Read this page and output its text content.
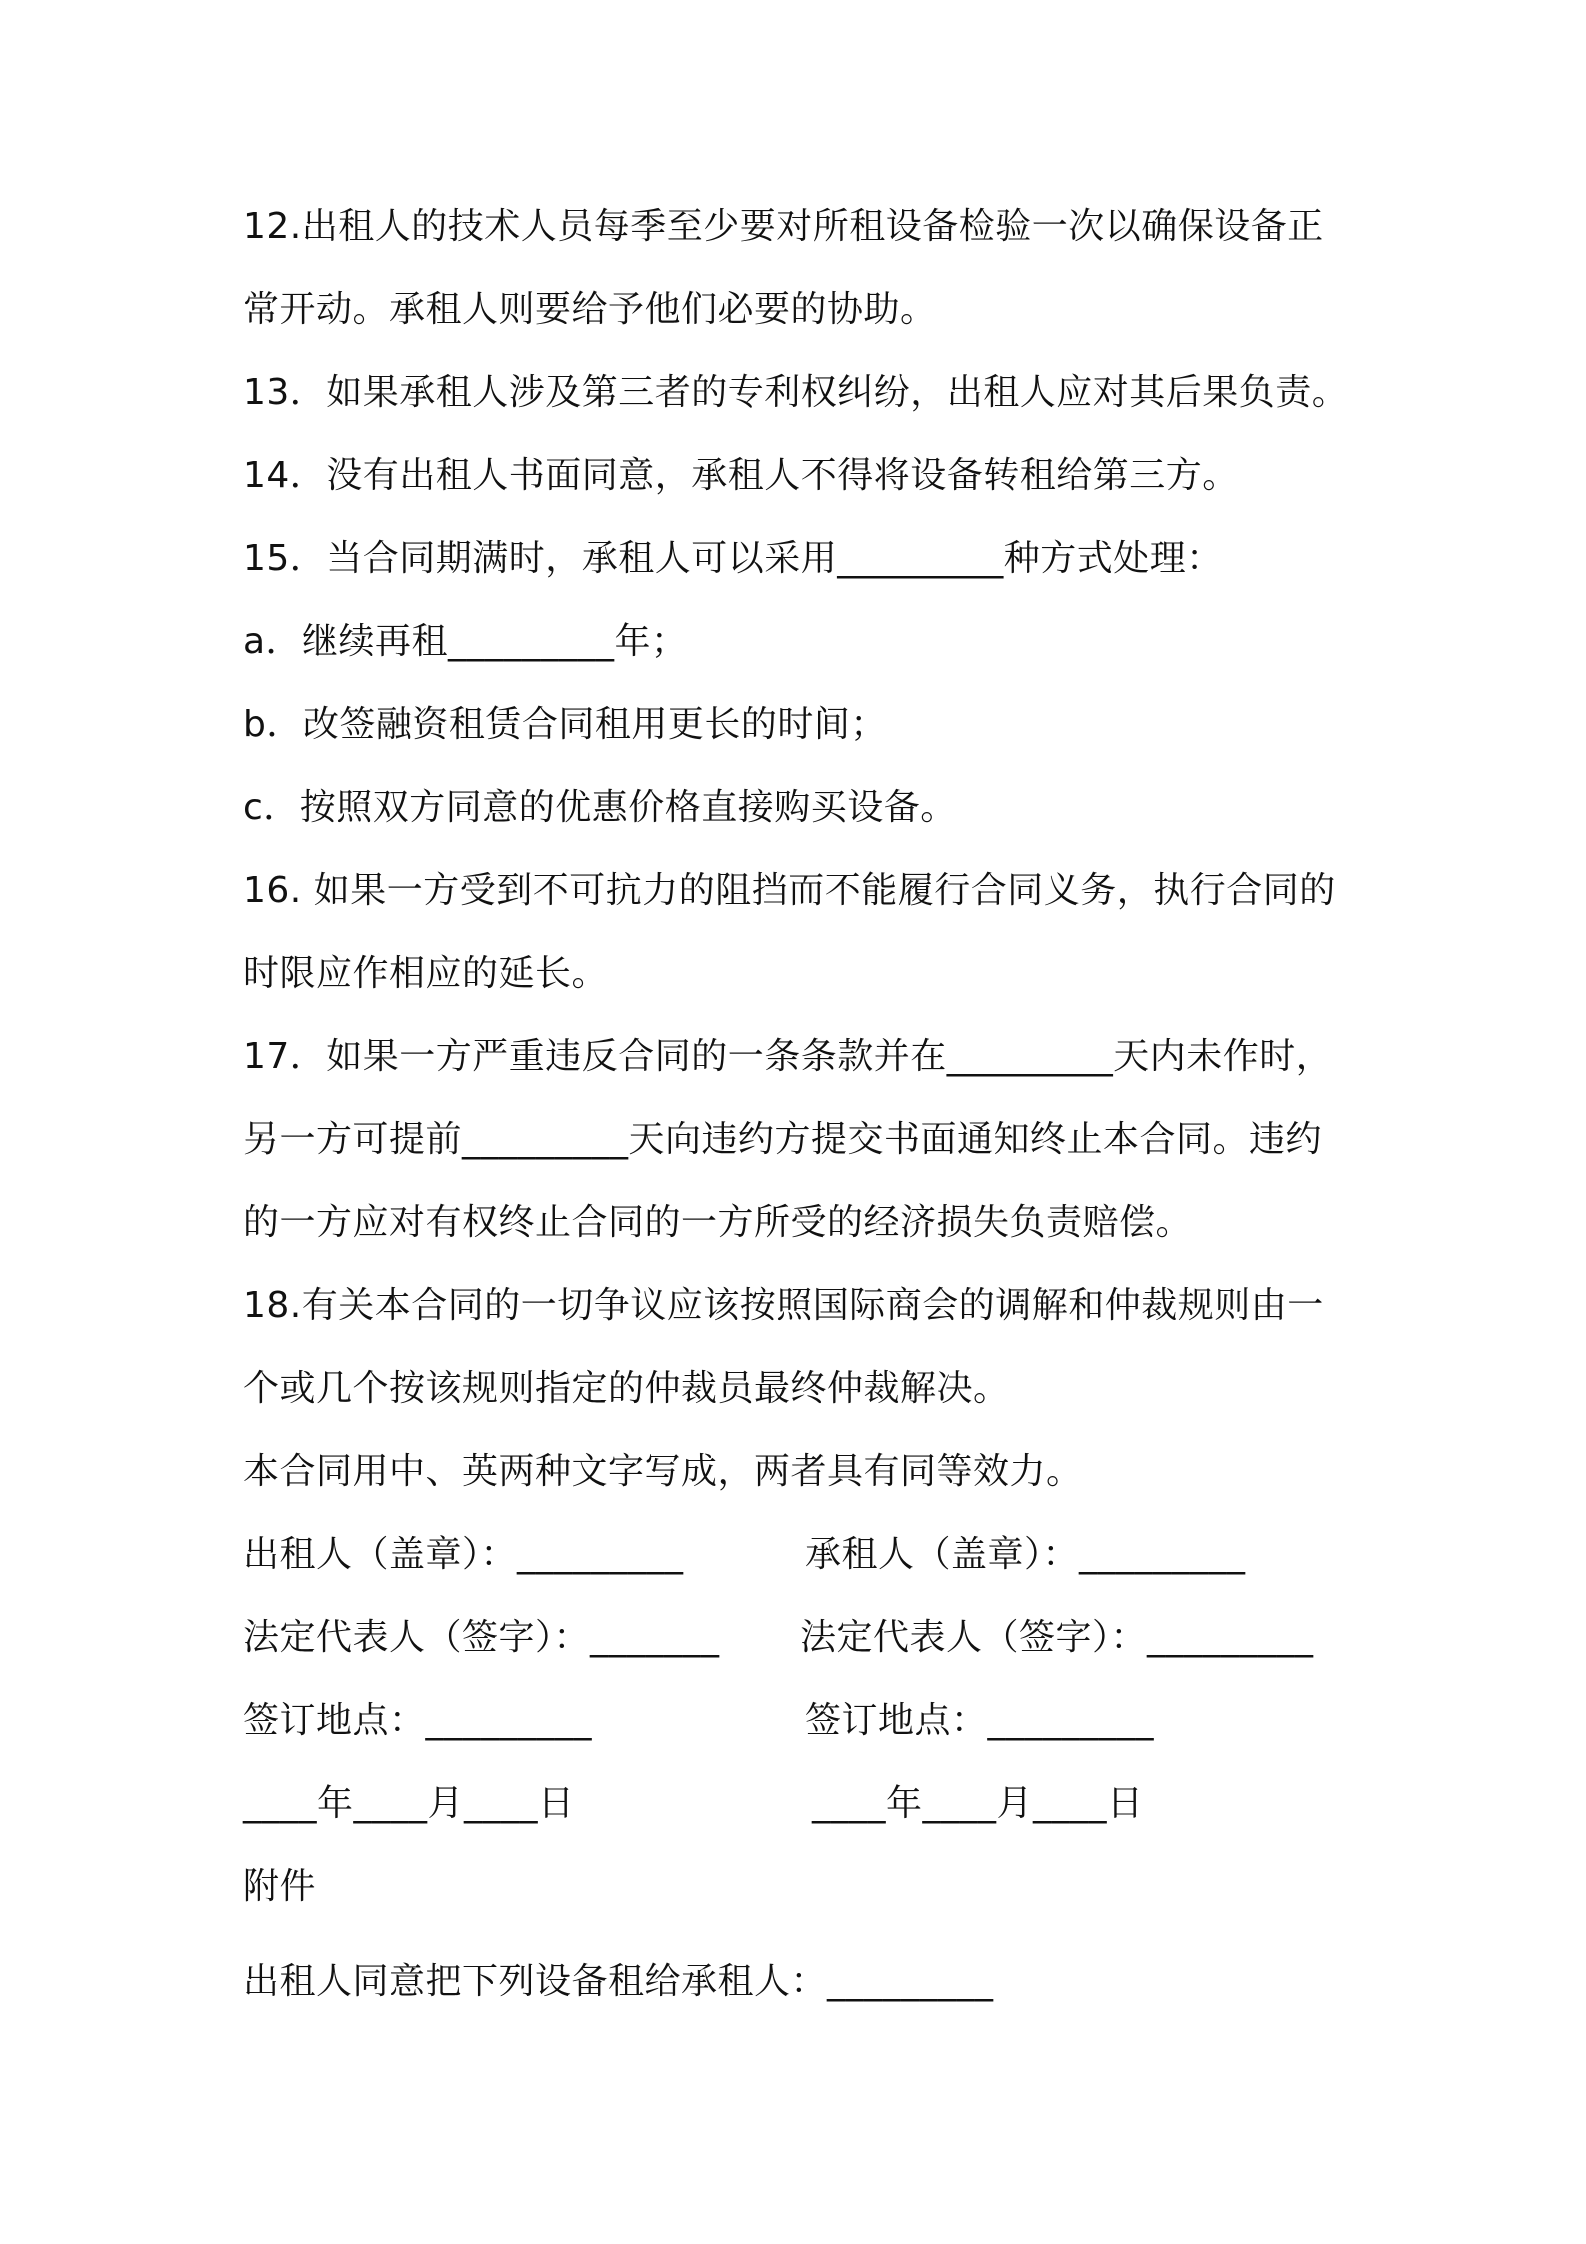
12.出租人的技术人员每季至少要对所租设备检验一次以确保设备正
常开动。承租人则要给予他们必要的协助。
13．如果承租人涉及第三者的专利权纠纷，出租人应对其后果负责。
14．没有出租人书面同意，承租人不得将设备转租给第三方。
15．当合同期满时，承租人可以采用_________种方式处理：
a．继续再租_________年；
b．改签融资租赁合同租用更长的时间；
c．按照双方同意的优惠价格直接购买设备。
16. 如果一方受到不可抗力的阻挡而不能履行合同义务，执行合同的
时限应作相应的延长。
17．如果一方严重违反合同的一条条款并在_________天内未作时，
另一方可提前_________天向违约方提交书面通知终止本合同。违约
的一方应对有权终止合同的一方所受的经济损失负责赔偿。
18.有关本合同的一切争议应该按照国际商会的调解和仲裁规则由一
个或几个按该规则指定的仲裁员最终仲裁解决。
本合同用中、英两种文字写成，两者具有同等效力。
出租人（盖章）：_________	承租人（盖章）：_________
法定代表人（签字）：_______ 法定代表人（签字）：_________
签订地点：_________	签订地点：_________
____年____月____日	____年____月____日
附件
出租人同意把下列设备租给承租人：_________
